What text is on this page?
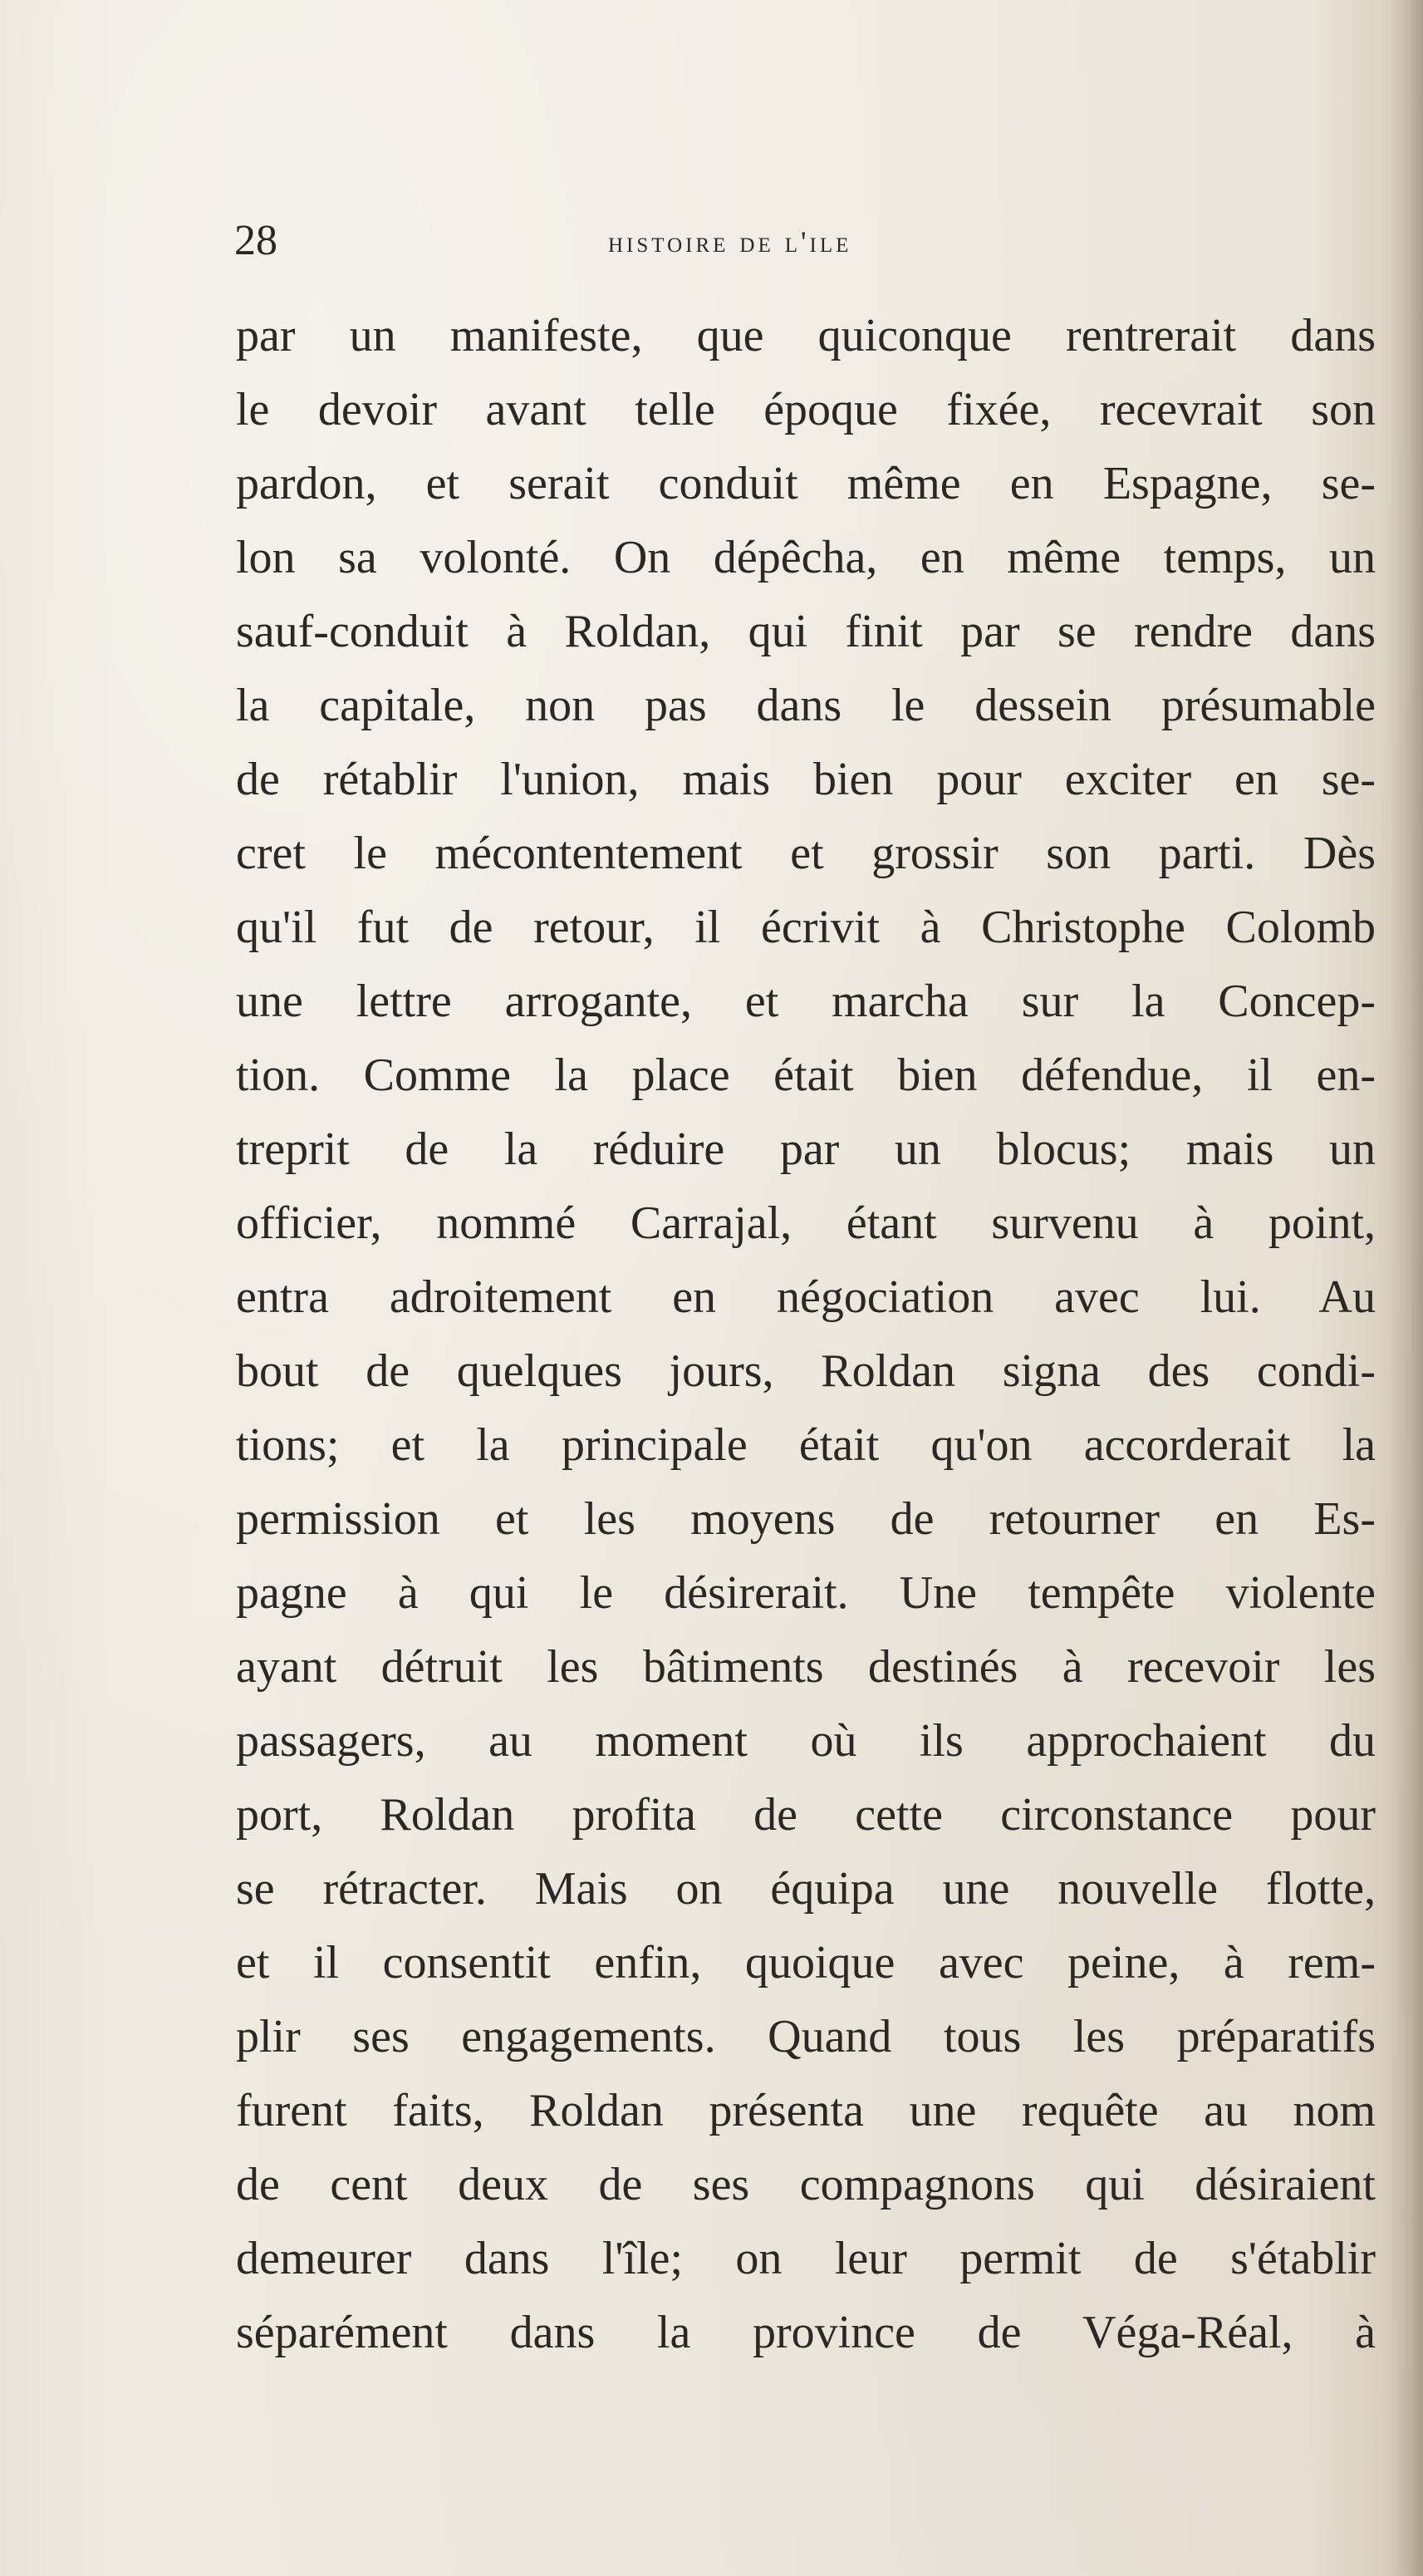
28	histoire de l'ile
par un manifeste, que quiconque rentrerait dans
le devoir avant telle époque fixée, recevrait son
pardon, et serait conduit même en Espagne, se-
lon sa volonté. On dépêcha, en même temps, un
sauf-conduit à Roldan, qui finit par se rendre dans
la capitale, non pas dans le dessein présumable
de rétablir l'union, mais bien pour exciter en se-
cret le mécontentement et grossir son parti. Dès
qu'il fut de retour, il écrivit à Christophe Colomb
une lettre arrogante, et marcha sur la Concep-
tion. Comme la place était bien défendue, il en-
treprit de la réduire par un blocus; mais un
officier, nommé Carrajal, étant survenu à point,
entra adroitement en négociation avec lui. Au
bout de quelques jours, Roldan signa des condi-
tions; et la principale était qu'on accorderait la
permission et les moyens de retourner en Es-
pagne à qui le désirerait. Une tempête violente
ayant détruit les bâtiments destinés à recevoir les
passagers, au moment où ils approchaient du
port, Roldan profita de cette circonstance pour
se rétracter. Mais on équipa une nouvelle flotte,
et il consentit enfin, quoique avec peine, à rem-
plir ses engagements. Quand tous les préparatifs
furent faits, Roldan présenta une requête au nom
de cent deux de ses compagnons qui désiraient
demeurer dans l'île; on leur permit de s'établir
séparément dans la province de Véga-Réal, à
